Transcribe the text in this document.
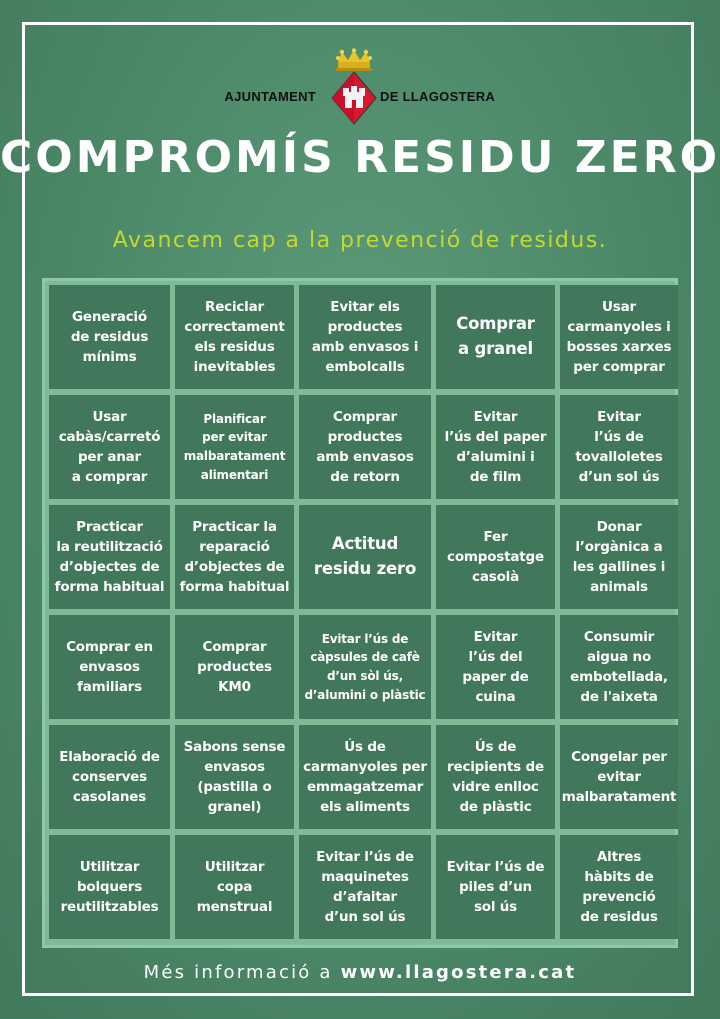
AJUNTAMENT	DE LLAGOSTERA
COMPROMÍS RESIDU ZERO
Avancem cap a la prevenció de residus.
Generació
de residus
mínims
Reciclar
correctament
els residus
inevitables
Evitar els
productes
amb envasos i
embolcalls
Comprar
a granel
Usar
carmanyoles i
bosses xarxes
per comprar
Usar
cabàs/carretó
per anar
a comprar
Planificar
per evitar
malbaratament
alimentari
Comprar
productes
amb envasos
de retorn
Evitar
l’ús del paper
d’alumini i
de film
Evitar
l’ús de
tovalloletes
d’un sol ús
Practicar
la reutilització
d’objectes de
forma habitual
Practicar la
reparació
d’objectes de
forma habitual
Actitud
residu zero
Fer
compostatge
casolà
Donar
l’orgànica a
les gallines i
animals
Comprar en
envasos
familiars
Comprar
productes
KM0
Evitar l’ús de
càpsules de cafè
d’un sòl ús,
d’alumini o plàstic
Evitar
l’ús del
paper de
cuina
Consumir
aigua no
embotellada,
de l'aixeta
Elaboració de
conserves
casolanes
Sabons sense
envasos
(pastilla o
granel)
Ús de
carmanyoles per
emmagatzemar
els aliments
Ús de
recipients de
vidre enlloc
de plàstic
Congelar per
evitar
malbaratament
Utilitzar
bolquers
reutilitzables
Utilitzar
copa
menstrual
Evitar l’ús de
maquinetes
d’afaitar
d’un sol ús
Evitar l’ús de
piles d’un
sol ús
Altres
hàbits de
prevenció
de residus
Més informació a www.llagostera.cat
